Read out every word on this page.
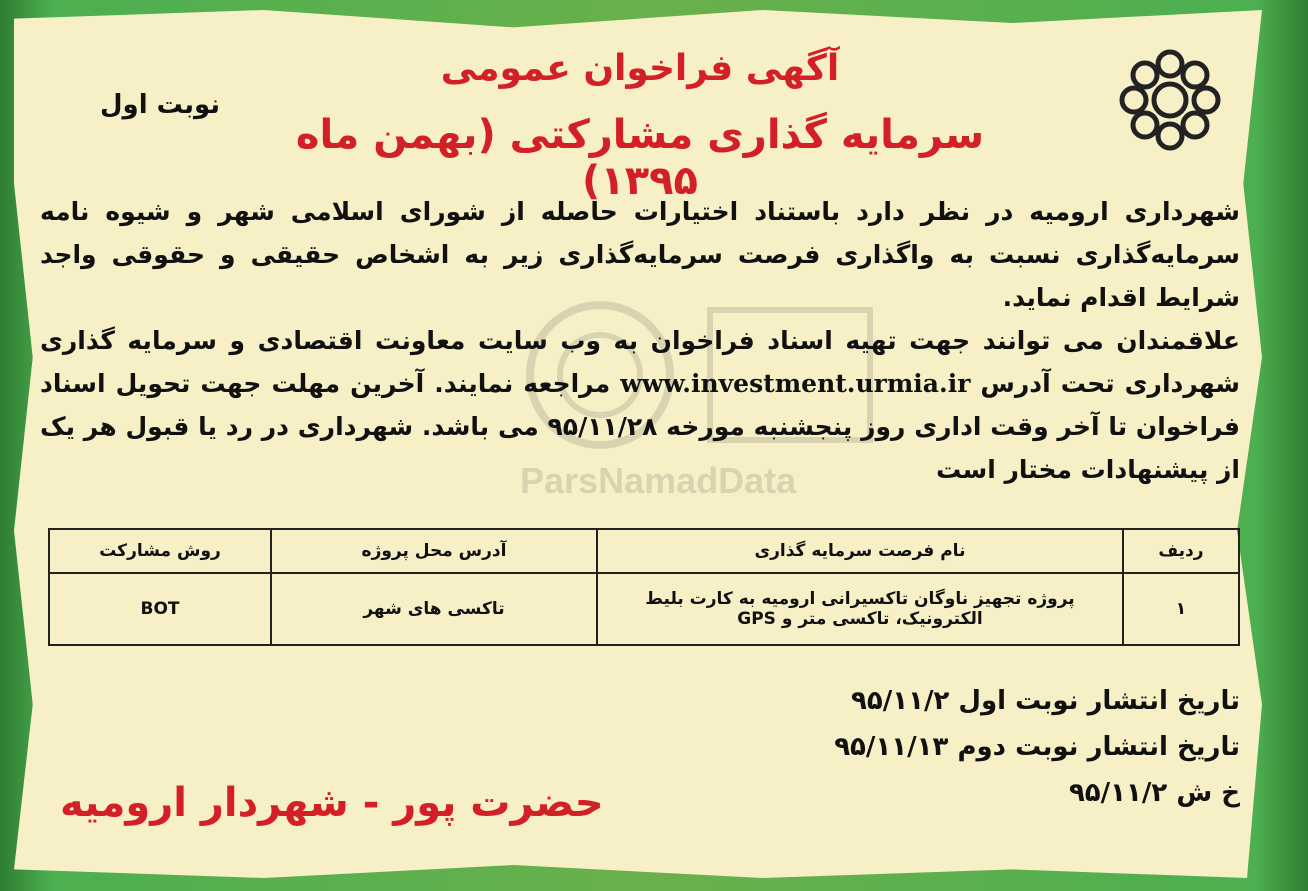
نوبت اول
آگهی فراخوان عمومی
سرمایه گذاری مشارکتی (بهمن ماه ۱۳۹۵)
ParsNamadData

شهرداری ارومیه در نظر دارد باستناد اختیارات حاصله از شورای اسلامی شهر و شیوه نامه سرمایه‌گذاری نسبت به واگذاری فرصت سرمایه‌گذاری زیر به اشخاص حقیقی و حقوقی واجد شرایط اقدام نماید.

علاقمندان می توانند جهت تهیه اسناد فراخوان به وب سایت معاونت اقتصادی و سرمایه گذاری شهرداری تحت آدرس www.investment.urmia.ir مراجعه نمایند. آخرین مهلت جهت تحویل اسناد فراخوان تا آخر وقت اداری روز پنجشنبه مورخه ۹۵/۱۱/۲۸ می باشد. شهرداری در رد یا قبول هر یک از پیشنهادات مختار است

ردیف	نام فرصت سرمایه گذاری	آدرس محل پروژه	روش مشارکت
۱	پروژه تجهیز ناوگان تاکسیرانی ارومیه به کارت بلیط الکترونیک، تاکسی متر و GPS	تاکسی های شهر	BOT
تاریخ انتشار نوبت اول ۹۵/۱۱/۲
تاریخ انتشار نوبت دوم ۹۵/۱۱/۱۳
خ ش ۹۵/۱۱/۲
حضرت پور - شهردار ارومیه
